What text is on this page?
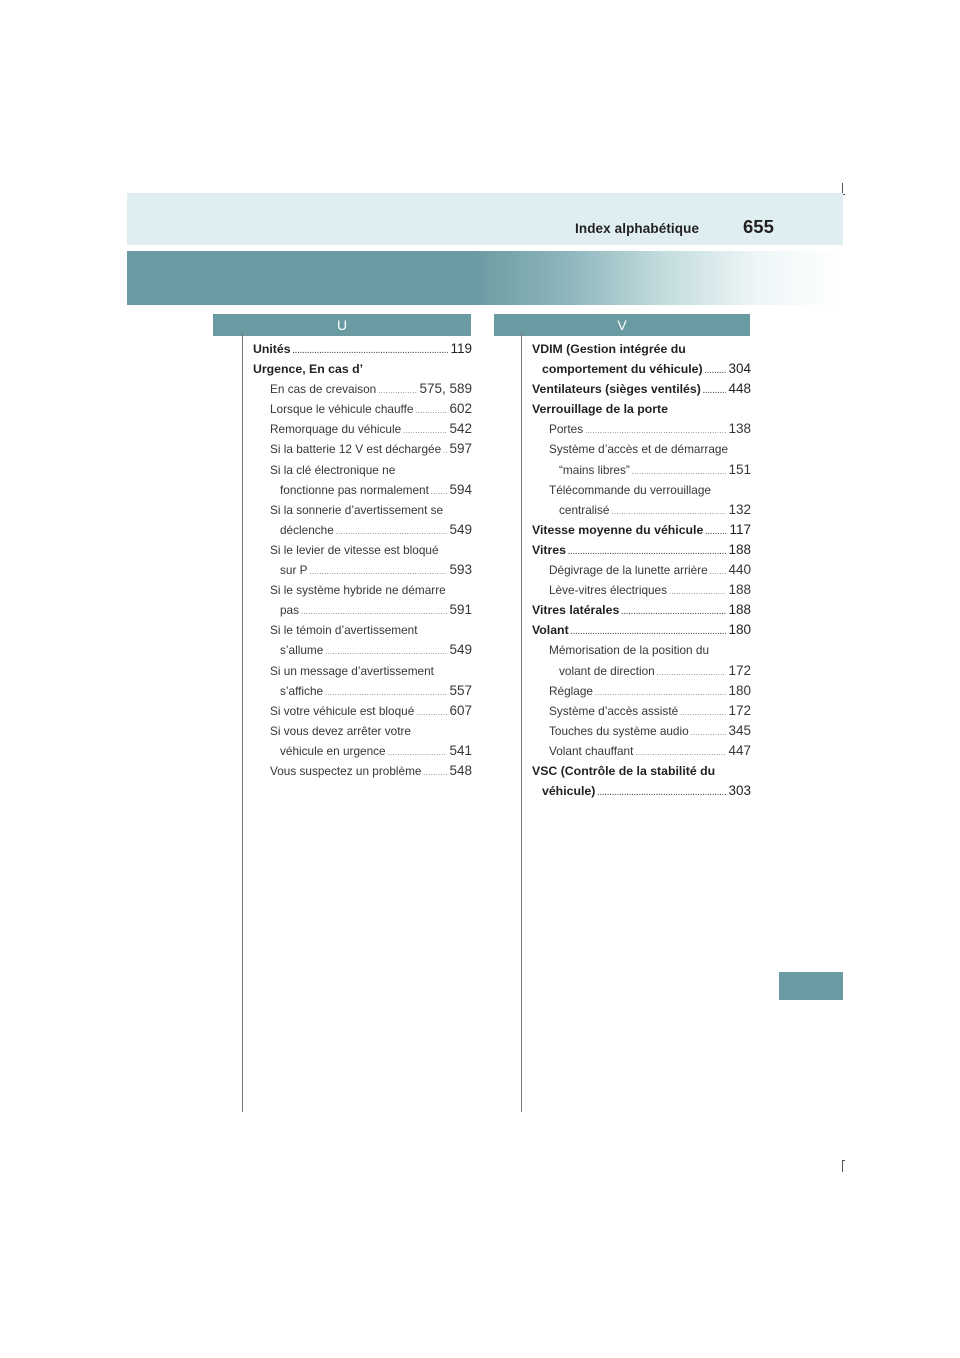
Index alphabétique 655
U	V
Unités .....	119
Urgence, En cas d’
En cas de crevaison .....	575, 589
Lorsque le véhicule chauffe .....	602
Remorquage du véhicule .....	542
Si la batterie 12 V est déchargée ..... 597
Si la clé électronique ne
fonctionne pas normalement ..... 594
Si la sonnerie d’avertissement se
déclenche .....	549
Si le levier de vitesse est bloqué
sur P .....	593
Si le système hybride ne démarre
pas .....	591
Si le témoin d’avertissement
s’allume .....	549
Si un message d’avertissement
s’affiche .....	557
Si votre véhicule est bloqué .....	607
Si vous devez arrêter votre
véhicule en urgence .....	541
Vous suspectez un problème ..... 548
VDIM (Gestion intégrée du
comportement du véhicule) ..... 304
Ventilateurs (sièges ventilés) ..... 448
Verrouillage de la porte
Portes .....	138
Système d’accès et de démarrage
“mains libres” .....	151
Télécommande du verrouillage
centralisé .....	132
Vitesse moyenne du véhicule ..... 117
Vitres .....	188
Dégivrage de la lunette arrière ..... 440
Lève-vitres électriques .....	188
Vitres latérales .....	188
Volant .....	180
Mémorisation de la position du
volant de direction .....	172
Réglage .....	180
Système d’accès assisté .....	172
Touches du système audio .....	345
Volant chauffant .....	447
VSC (Contrôle de la stabilité du
véhicule) .....	303
